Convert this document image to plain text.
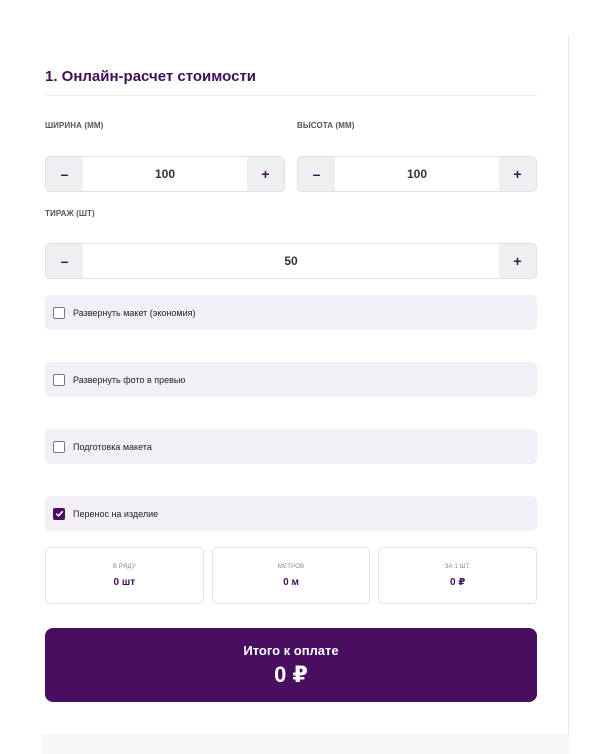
1. Онлайн-расчет стоимости
ШИРИНА (ММ)	ВЫСОТА (ММ)
–
100	+	–
100	+
ТИРАЖ (ШТ)
–
50	+
Развернуть макет (экономия)
Развернуть фото в превью
Подготовка макета
Перенос на изделие
В РЯДУ
0 шт
МЕТРОВ
0 м
ЗА 1 ШТ.
0 ₽
Итого к оплате
0 ₽
